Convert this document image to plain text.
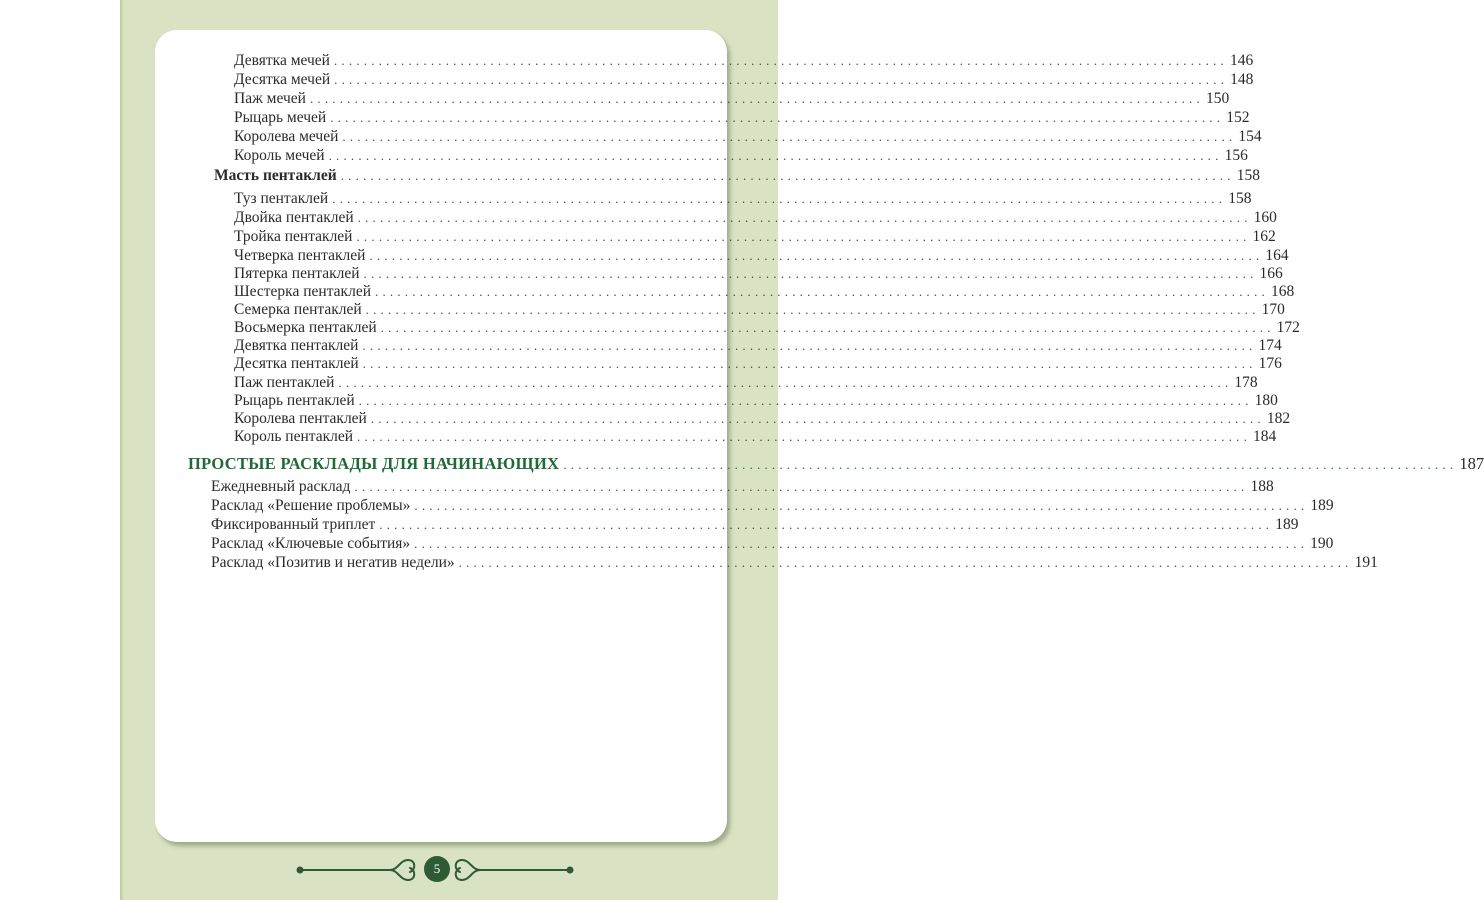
Девятка мечей ........................................................................................................................ 146
Десятка мечей ........................................................................................................................ 148
Паж мечей ........................................................................................................................ 150
Рыцарь мечей ........................................................................................................................ 152
Королева мечей ........................................................................................................................ 154
Король мечей ........................................................................................................................ 156
Масть пентаклей ........................................................................................................................ 158
Туз пентаклей ........................................................................................................................ 158
Двойка пентаклей ........................................................................................................................ 160
Тройка пентаклей ........................................................................................................................ 162
Четверка пентаклей ........................................................................................................................ 164
Пятерка пентаклей ........................................................................................................................ 166
Шестерка пентаклей ........................................................................................................................ 168
Семерка пентаклей ........................................................................................................................ 170
Восьмерка пентаклей ........................................................................................................................ 172
Девятка пентаклей ........................................................................................................................ 174
Десятка пентаклей ........................................................................................................................ 176
Паж пентаклей ........................................................................................................................ 178
Рыцарь пентаклей ........................................................................................................................ 180
Королева пентаклей ........................................................................................................................ 182
Король пентаклей ........................................................................................................................ 184
ПРОСТЫЕ РАСКЛАДЫ ДЛЯ НАЧИНАЮЩИХ ........................................................................................................................ 187
Ежедневный расклад ........................................................................................................................ 188
Расклад «Решение проблемы» ........................................................................................................................ 189
Фиксированный триплет ........................................................................................................................ 189
Расклад «Ключевые события» ........................................................................................................................ 190
Расклад «Позитив и негатив недели» ........................................................................................................................ 191
5
